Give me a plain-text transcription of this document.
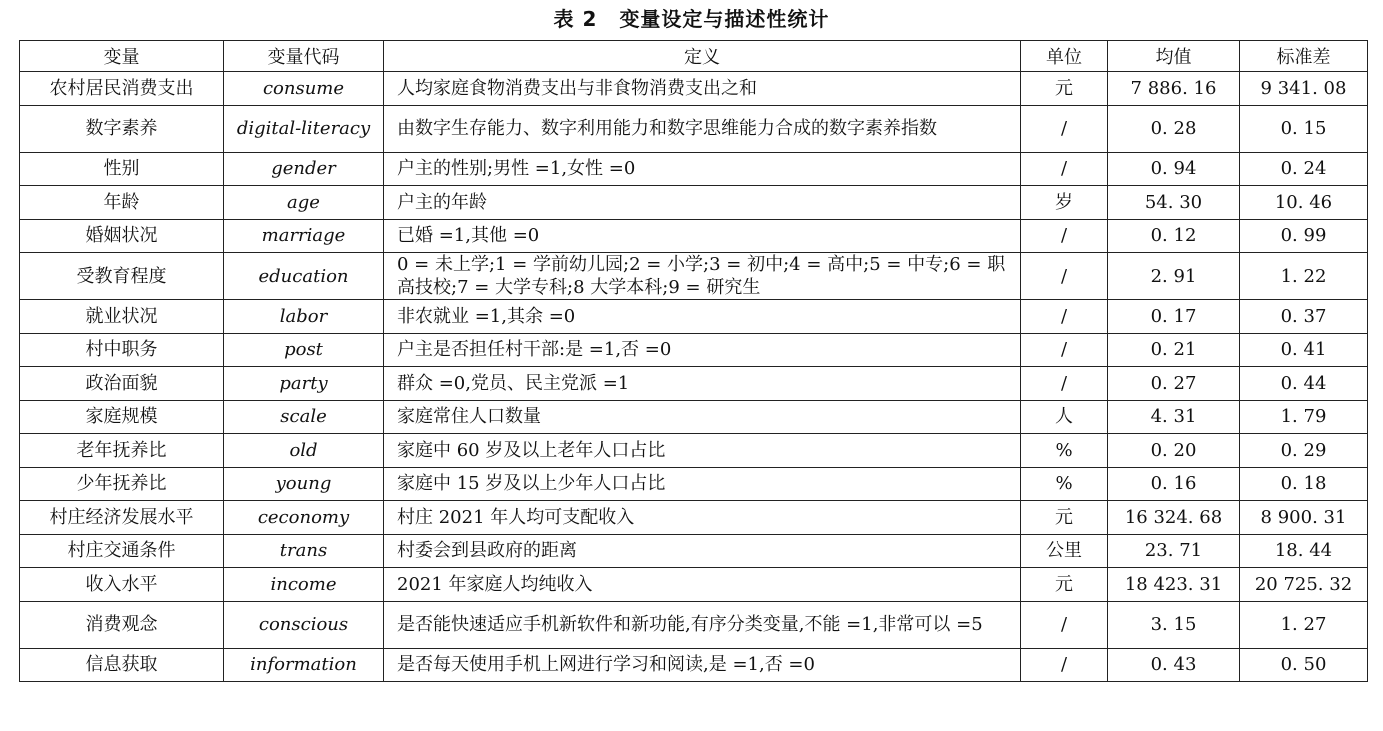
表 2 变量设定与描述性统计
变量	变量代码	定义	单位	均值	标准差
农村居民消费支出	consume	人均家庭食物消费支出与非食物消费支出之和	元	7 886. 16	9 341. 08
数字素养	digital-literacy	由数字生存能力、数字利用能力和数字思维能力合成的数字素养指数	/	0. 28	0. 15
性别	gender	户主的性别;男性 =1,女性 =0	/	0. 94	0. 24
年龄	age	户主的年龄	岁	54. 30	10. 46
婚姻状况	marriage	已婚 =1,其他 =0	/	0. 12	0. 99
受教育程度	education	0 = 未上学;1 = 学前幼儿园;2 = 小学;3 = 初中;4 = 高中;5 = 中专;6 = 职高技校;7 = 大学专科;8 大学本科;9 = 研究生	/	2. 91	1. 22
就业状况	labor	非农就业 =1,其余 =0	/	0. 17	0. 37
村中职务	post	户主是否担任村干部:是 =1,否 =0	/	0. 21	0. 41
政治面貌	party	群众 =0,党员、民主党派 =1	/	0. 27	0. 44
家庭规模	scale	家庭常住人口数量	人	4. 31	1. 79
老年抚养比	old	家庭中 60 岁及以上老年人口占比	%	0. 20	0. 29
少年抚养比	young	家庭中 15 岁及以上少年人口占比	%	0. 16	0. 18
村庄经济发展水平	ceconomy	村庄 2021 年人均可支配收入	元	16 324. 68	8 900. 31
村庄交通条件	trans	村委会到县政府的距离	公里	23. 71	18. 44
收入水平	income	2021 年家庭人均纯收入	元	18 423. 31	20 725. 32
消费观念	conscious	是否能快速适应手机新软件和新功能,有序分类变量,不能 =1,非常可以 =5	/	3. 15	1. 27
信息获取	information	是否每天使用手机上网进行学习和阅读,是 =1,否 =0	/	0. 43	0. 50
